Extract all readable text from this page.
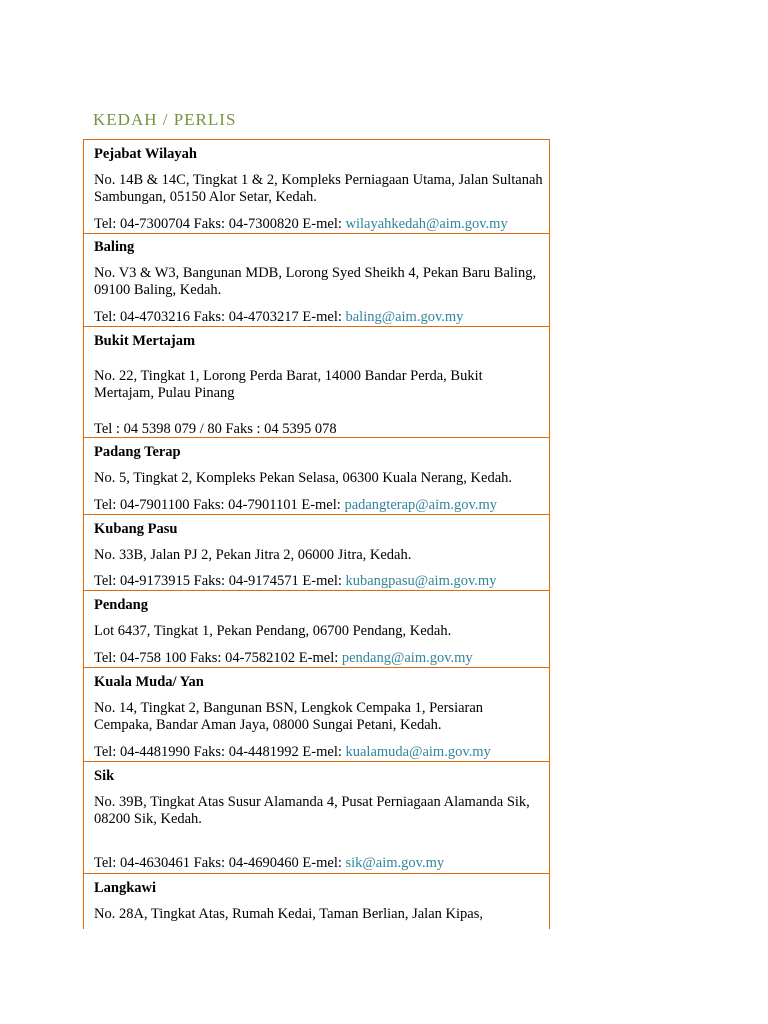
KEDAH / PERLIS

Pejabat Wilayah

No. 14B & 14C, Tingkat 1 & 2, Kompleks Perniagaan Utama, Jalan Sultanah Sambungan, 05150 Alor Setar, Kedah.

Tel: 04-7300704 Faks: 04-7300820 E-mel: wilayahkedah@aim.gov.my

Baling

No. V3 & W3, Bangunan MDB, Lorong Syed Sheikh 4, Pekan Baru Baling, 09100 Baling, Kedah.

Tel: 04-4703216 Faks: 04-4703217 E-mel: baling@aim.gov.my

Bukit Mertajam

No. 22, Tingkat 1, Lorong Perda Barat, 14000 Bandar Perda, Bukit Mertajam, Pulau Pinang

Tel : 04 5398 079 / 80 Faks : 04 5395 078

Padang Terap

No. 5, Tingkat 2, Kompleks Pekan Selasa, 06300 Kuala Nerang, Kedah.

Tel: 04-7901100 Faks: 04-7901101 E-mel: padangterap@aim.gov.my

Kubang Pasu

No. 33B, Jalan PJ 2, Pekan Jitra 2, 06000 Jitra, Kedah.

Tel: 04-9173915 Faks: 04-9174571 E-mel: kubangpasu@aim.gov.my

Pendang

Lot 6437, Tingkat 1, Pekan Pendang, 06700 Pendang, Kedah.

Tel: 04-758 100 Faks: 04-7582102 E-mel: pendang@aim.gov.my

Kuala Muda/ Yan

No. 14, Tingkat 2, Bangunan BSN, Lengkok Cempaka 1, Persiaran Cempaka, Bandar Aman Jaya, 08000 Sungai Petani, Kedah.

Tel: 04-4481990 Faks: 04-4481992 E-mel: kualamuda@aim.gov.my

Sik

No. 39B, Tingkat Atas Susur Alamanda 4, Pusat Perniagaan Alamanda Sik,
08200 Sik, Kedah.

Tel: 04-4630461 Faks: 04-4690460 E-mel: sik@aim.gov.my

Langkawi

No. 28A, Tingkat Atas, Rumah Kedai, Taman Berlian, Jalan Kipas,
